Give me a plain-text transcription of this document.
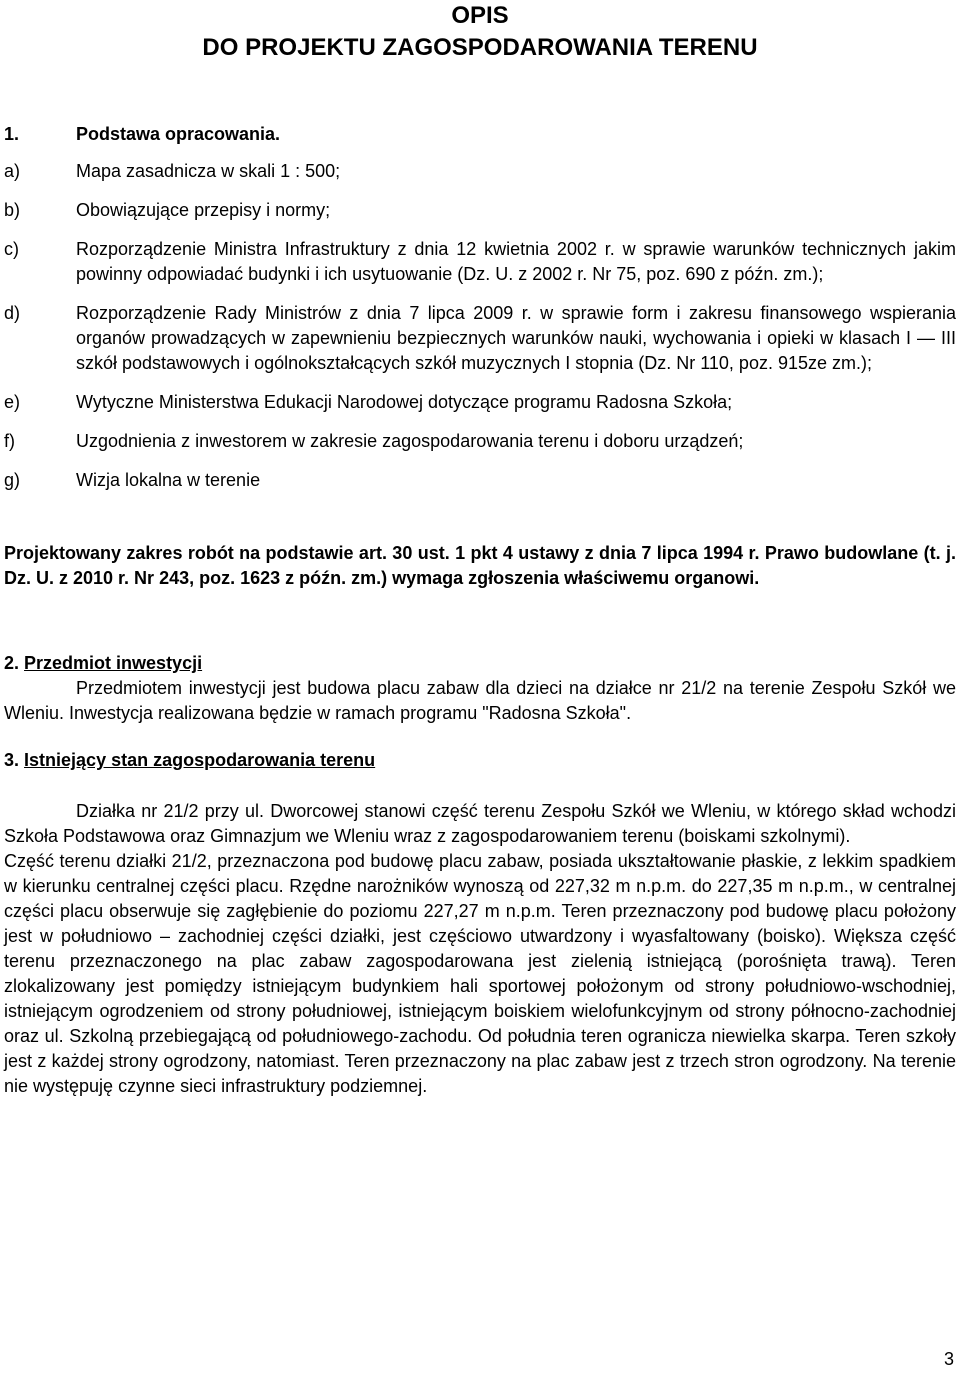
OPIS
DO PROJEKTU ZAGOSPODAROWANIA TERENU
1.	Podstawa opracowania.
a)	Mapa zasadnicza w skali 1 : 500;
b)	Obowiązujące przepisy i normy;
c)	Rozporządzenie Ministra Infrastruktury z dnia 12 kwietnia 2002 r. w sprawie warunków technicznych jakim powinny odpowiadać budynki i ich usytuowanie (Dz. U. z 2002 r. Nr 75, poz. 690 z późn. zm.);
d)	Rozporządzenie Rady Ministrów z dnia 7 lipca 2009 r. w sprawie form i zakresu finansowego wspierania organów prowadzących w zapewnieniu bezpiecznych warunków nauki, wychowania i opieki w klasach I — III szkół podstawowych i ogólnokształcących szkół muzycznych I stopnia (Dz. Nr 110, poz. 915ze zm.);
e)	Wytyczne Ministerstwa Edukacji Narodowej dotyczące programu Radosna Szkoła;
f)	Uzgodnienia z inwestorem w zakresie zagospodarowania terenu i doboru urządzeń;
g)	Wizja lokalna w terenie

Projektowany zakres robót na podstawie art. 30 ust. 1 pkt 4 ustawy z dnia 7 lipca 1994 r. Prawo budowlane (t. j. Dz. U. z 2010 r. Nr 243, poz. 1623 z późn. zm.) wymaga zgłoszenia właściwemu organowi.

2. Przedmiot inwestycji

Przedmiotem inwestycji jest budowa placu zabaw dla dzieci na działce nr 21/2 na terenie Zespołu Szkół we Wleniu. Inwestycja realizowana będzie w ramach programu "Radosna Szkoła".

3. Istniejący stan zagospodarowania terenu

Działka nr 21/2 przy ul. Dworcowej stanowi część terenu Zespołu Szkół we Wleniu, w którego skład wchodzi Szkoła Podstawowa oraz Gimnazjum we Wleniu wraz z zagospodarowaniem terenu (boiskami szkolnymi).

Część terenu działki 21/2, przeznaczona pod budowę placu zabaw, posiada ukształtowanie płaskie, z lekkim spadkiem w kierunku centralnej części placu. Rzędne narożników wynoszą od 227,32 m n.p.m. do 227,35 m n.p.m., w centralnej części placu obserwuje się zagłębienie do poziomu 227,27 m n.p.m. Teren przeznaczony pod budowę placu położony jest w południowo – zachodniej części działki, jest częściowo utwardzony i wyasfaltowany (boisko). Większa część terenu przeznaczonego na plac zabaw zagospodarowana jest zielenią istniejącą (porośnięta trawą). Teren zlokalizowany jest pomiędzy istniejącym budynkiem hali sportowej położonym od strony południowo-wschodniej, istniejącym ogrodzeniem od strony południowej, istniejącym boiskiem wielofunkcyjnym od strony północno-zachodniej oraz ul. Szkolną przebiegającą od południowego-zachodu. Od południa teren ogranicza niewielka skarpa. Teren szkoły jest z każdej strony ogrodzony, natomiast. Teren przeznaczony na plac zabaw jest z trzech stron ogrodzony. Na terenie nie występuję czynne sieci infrastruktury podziemnej.

3
